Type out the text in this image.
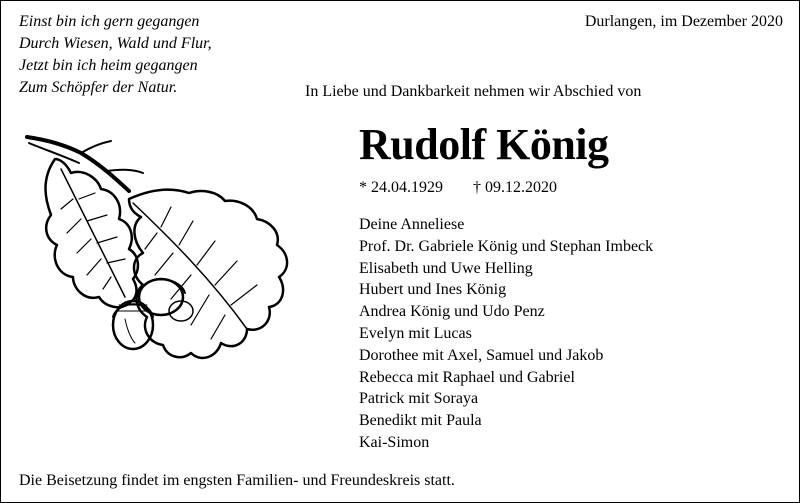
Einst bin ich gern gegangen
Durch Wiesen, Wald und Flur,
Jetzt bin ich heim gegangen
Zum Schöpfer der Natur.
Durlangen, im Dezember 2020
In Liebe und Dankbarkeit nehmen wir Abschied von
Rudolf König
* 24.04.1929 † 09.12.2020
Deine Anneliese
Prof. Dr. Gabriele König und Stephan Imbeck
Elisabeth und Uwe Helling
Hubert und Ines König
Andrea König und Udo Penz
Evelyn mit Lucas
Dorothee mit Axel, Samuel und Jakob
Rebecca mit Raphael und Gabriel
Patrick mit Soraya
Benedikt mit Paula
Kai-Simon
Die Beisetzung findet im engsten Familien- und Freundeskreis statt.
